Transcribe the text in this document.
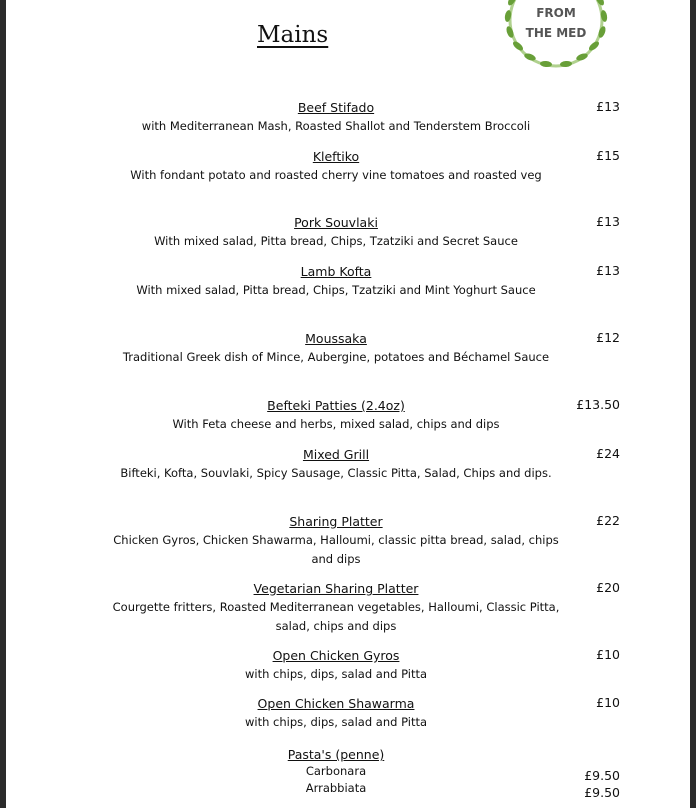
FROM
THE MED
Mains
Beef Stifado
with Mediterranean Mash, Roasted Shallot and Tenderstem Broccoli
£13
Kleftiko
With fondant potato and roasted cherry vine tomatoes and roasted veg
£15
Pork Souvlaki
With mixed salad, Pitta bread, Chips, Tzatziki and Secret Sauce
£13
Lamb Kofta
With mixed salad, Pitta bread, Chips, Tzatziki and Mint Yoghurt Sauce
£13
Moussaka
Traditional Greek dish of Mince, Aubergine, potatoes and Béchamel Sauce
£12
Befteki Patties (2.4oz)
With Feta cheese and herbs, mixed salad, chips and dips
£13.50
Mixed Grill
Bifteki, Kofta, Souvlaki, Spicy Sausage, Classic Pitta, Salad, Chips and dips.
£24
Sharing Platter
Chicken Gyros, Chicken Shawarma, Halloumi, classic pitta bread, salad, chips and dips
£22
Vegetarian Sharing Platter
Courgette fritters, Roasted Mediterranean vegetables, Halloumi, Classic Pitta, salad, chips and dips
£20
Open Chicken Gyros
with chips, dips, salad and Pitta
£10
Open Chicken Shawarma
with chips, dips, salad and Pitta
£10
Pasta's (penne)
Carbonara	£9.50
Arrabbiata	£9.50
